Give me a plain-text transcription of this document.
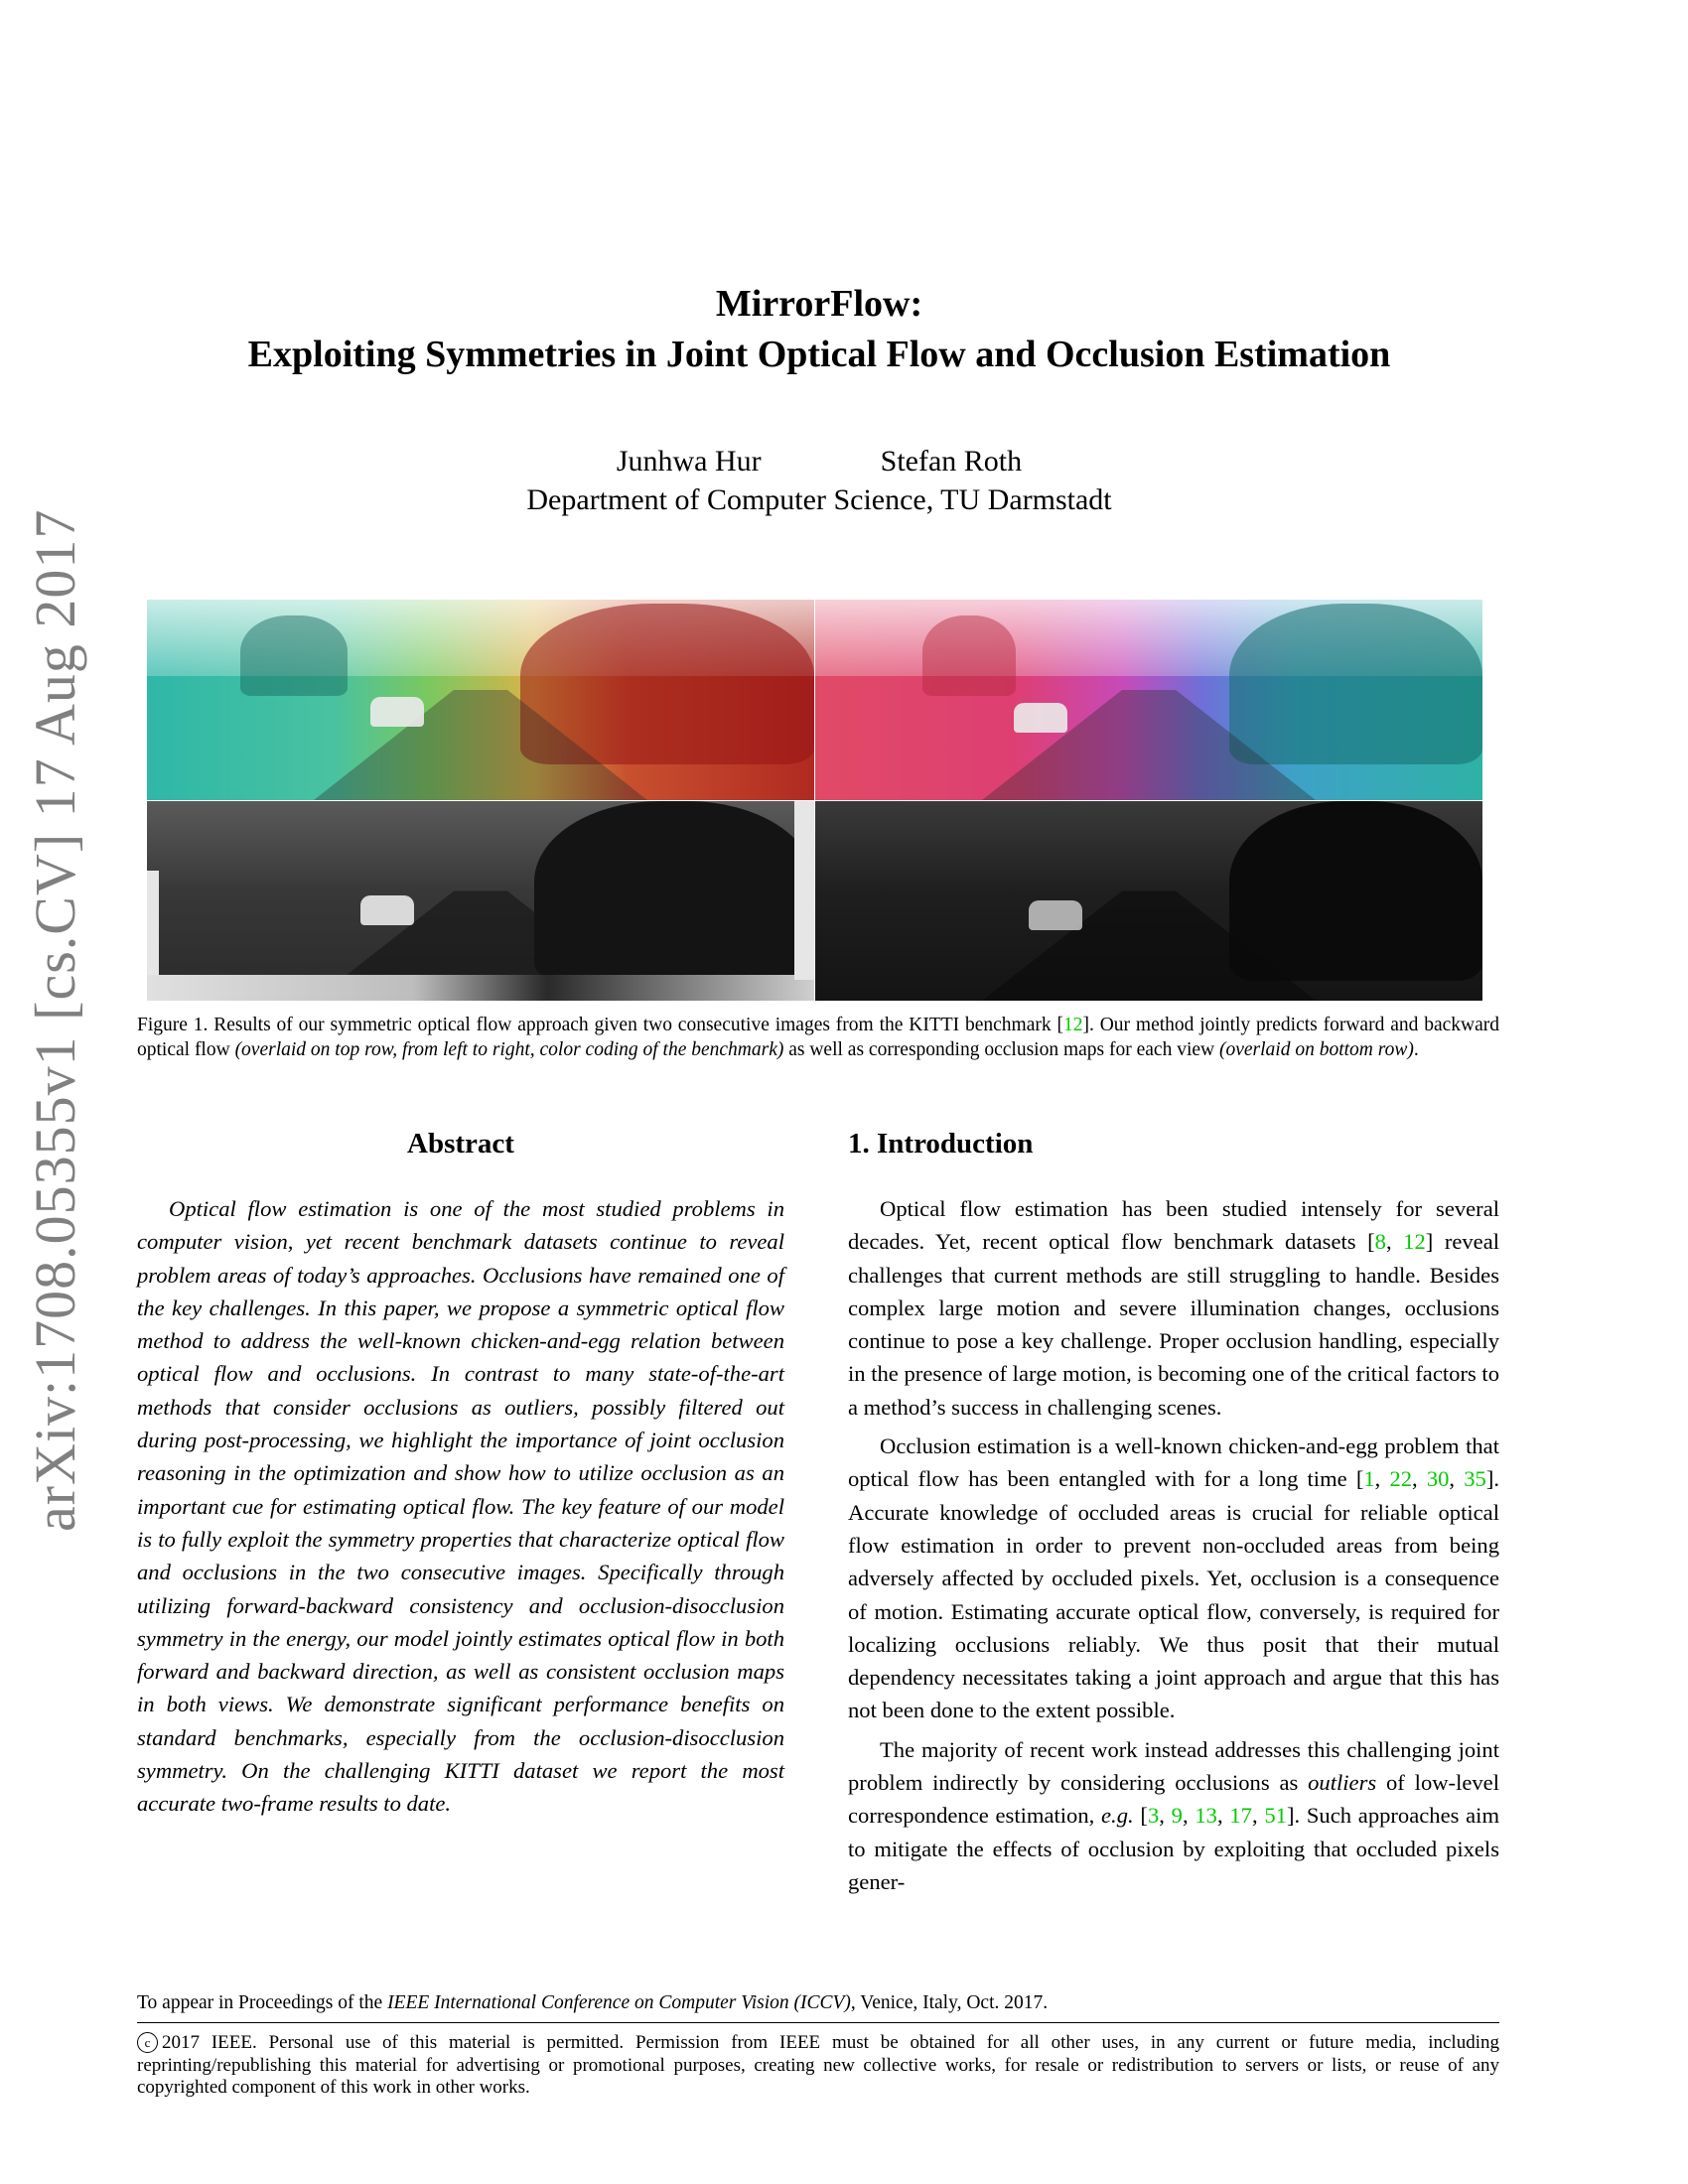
arXiv:1708.05355v1 [cs.CV] 17 Aug 2017
MirrorFlow:
Exploiting Symmetries in Joint Optical Flow and Occlusion Estimation
Junhwa Hur	Stefan Roth
Department of Computer Science, TU Darmstadt
Figure 1. Results of our symmetric optical flow approach given two consecutive images from the KITTI benchmark [12]. Our method jointly predicts forward and backward optical flow (overlaid on top row, from left to right, color coding of the benchmark) as well as corresponding occlusion maps for each view (overlaid on bottom row).
Abstract	1. Introduction

Optical flow estimation is one of the most studied problems in computer vision, yet recent benchmark datasets continue to reveal problem areas of today’s approaches. Occlusions have remained one of the key challenges. In this paper, we propose a symmetric optical flow method to address the well-known chicken-and-egg relation between optical flow and occlusions. In contrast to many state-of-the-art methods that consider occlusions as outliers, possibly filtered out during post-processing, we highlight the importance of joint occlusion reasoning in the optimization and show how to utilize occlusion as an important cue for estimating optical flow. The key feature of our model is to fully exploit the symmetry properties that characterize optical flow and occlusions in the two consecutive images. Specifically through utilizing forward-backward consistency and occlusion-disocclusion symmetry in the energy, our model jointly estimates optical flow in both forward and backward direction, as well as consistent occlusion maps in both views. We demonstrate significant performance benefits on standard benchmarks, especially from the occlusion-disocclusion symmetry. On the challenging KITTI dataset we report the most accurate two-frame results to date.

Optical flow estimation has been studied intensely for several decades. Yet, recent optical flow benchmark datasets [8, 12] reveal challenges that current methods are still struggling to handle. Besides complex large motion and severe illumination changes, occlusions continue to pose a key challenge. Proper occlusion handling, especially in the presence of large motion, is becoming one of the critical factors to a method’s success in challenging scenes.

Occlusion estimation is a well-known chicken-and-egg problem that optical flow has been entangled with for a long time [1, 22, 30, 35]. Accurate knowledge of occluded areas is crucial for reliable optical flow estimation in order to prevent non-occluded areas from being adversely affected by occluded pixels. Yet, occlusion is a consequence of motion. Estimating accurate optical flow, conversely, is required for localizing occlusions reliably. We thus posit that their mutual dependency necessitates taking a joint approach and argue that this has not been done to the extent possible.

The majority of recent work instead addresses this challenging joint problem indirectly by considering occlusions as outliers of low-level correspondence estimation, e.g. [3, 9, 13, 17, 51]. Such approaches aim to mitigate the effects of occlusion by exploiting that occluded pixels gener-

To appear in Proceedings of the IEEE International Conference on Computer Vision (ICCV), Venice, Italy, Oct. 2017.
c 2017 IEEE. Personal use of this material is permitted. Permission from IEEE must be obtained for all other uses, in any current or future media, including reprinting/republishing this material for advertising or promotional purposes, creating new collective works, for resale or redistribution to servers or lists, or reuse of any copyrighted component of this work in other works.
